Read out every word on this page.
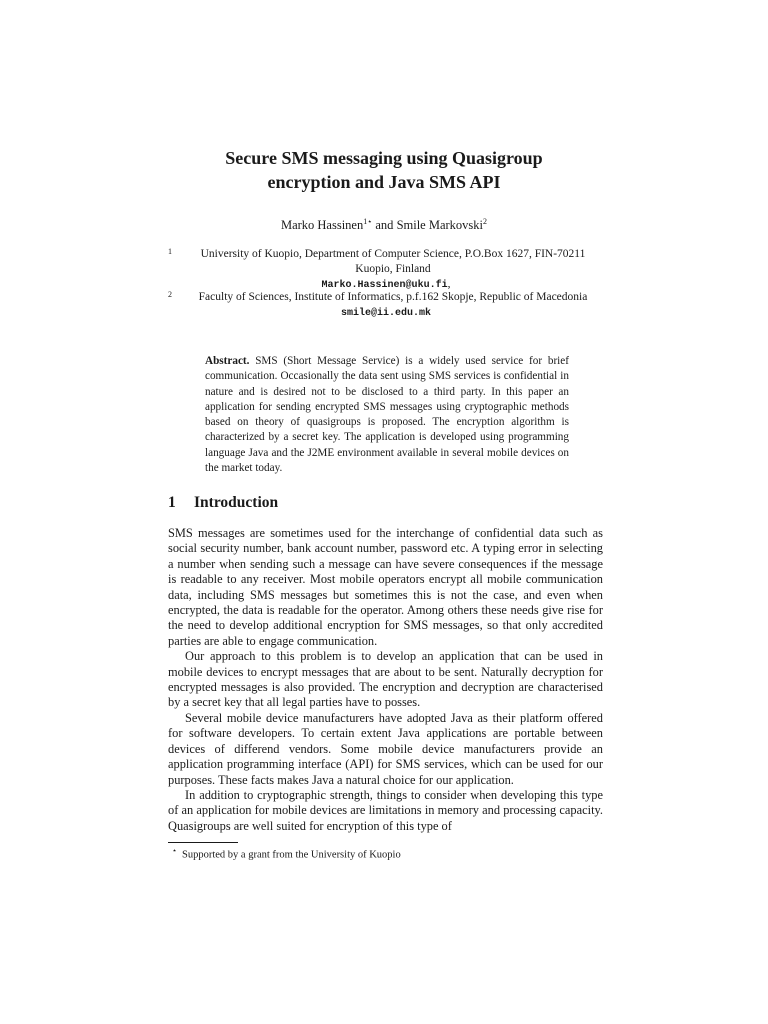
Secure SMS messaging using Quasigroup
encryption and Java SMS API
Marko Hassinen$^{1⋆}$ and Smile Markovski$^2$
1	University of Kuopio, Department of Computer Science, P.O.Box 1627, FIN-70211 Kuopio, Finland
Marko.Hassinen@uku.fi,
2	Faculty of Sciences, Institute of Informatics, p.f.162 Skopje, Republic of Macedonia
smile@ii.edu.mk
Abstract. SMS (Short Message Service) is a widely used service for brief communication. Occasionally the data sent using SMS services is confidential in nature and is desired not to be disclosed to a third party. In this paper an application for sending encrypted SMS messages using cryptographic methods based on theory of quasigroups is proposed. The encryption algorithm is characterized by a secret key. The application is developed using programming language Java and the J2ME environment available in several mobile devices on the market today.
1 Introduction

SMS messages are sometimes used for the interchange of confidential data such as social security number, bank account number, password etc. A typing error in selecting a number when sending such a message can have severe consequences if the message is readable to any receiver. Most mobile operators encrypt all mobile communication data, including SMS messages but sometimes this is not the case, and even when encrypted, the data is readable for the operator. Among others these needs give rise for the need to develop additional encryption for SMS messages, so that only accredited parties are able to engage communication.

Our approach to this problem is to develop an application that can be used in mobile devices to encrypt messages that are about to be sent. Naturally decryption for encrypted messages is also provided. The encryption and decryption are characterised by a secret key that all legal parties have to posses.

Several mobile device manufacturers have adopted Java as their platform offered for software developers. To certain extent Java applications are portable between devices of differend vendors. Some mobile device manufacturers provide an application programming interface (API) for SMS services, which can be used for our purposes. These facts makes Java a natural choice for our application.

In addition to cryptographic strength, things to consider when developing this type of an application for mobile devices are limitations in memory and processing capacity. Quasigroups are well suited for encryption of this type of

⋆ Supported by a grant from the University of Kuopio
